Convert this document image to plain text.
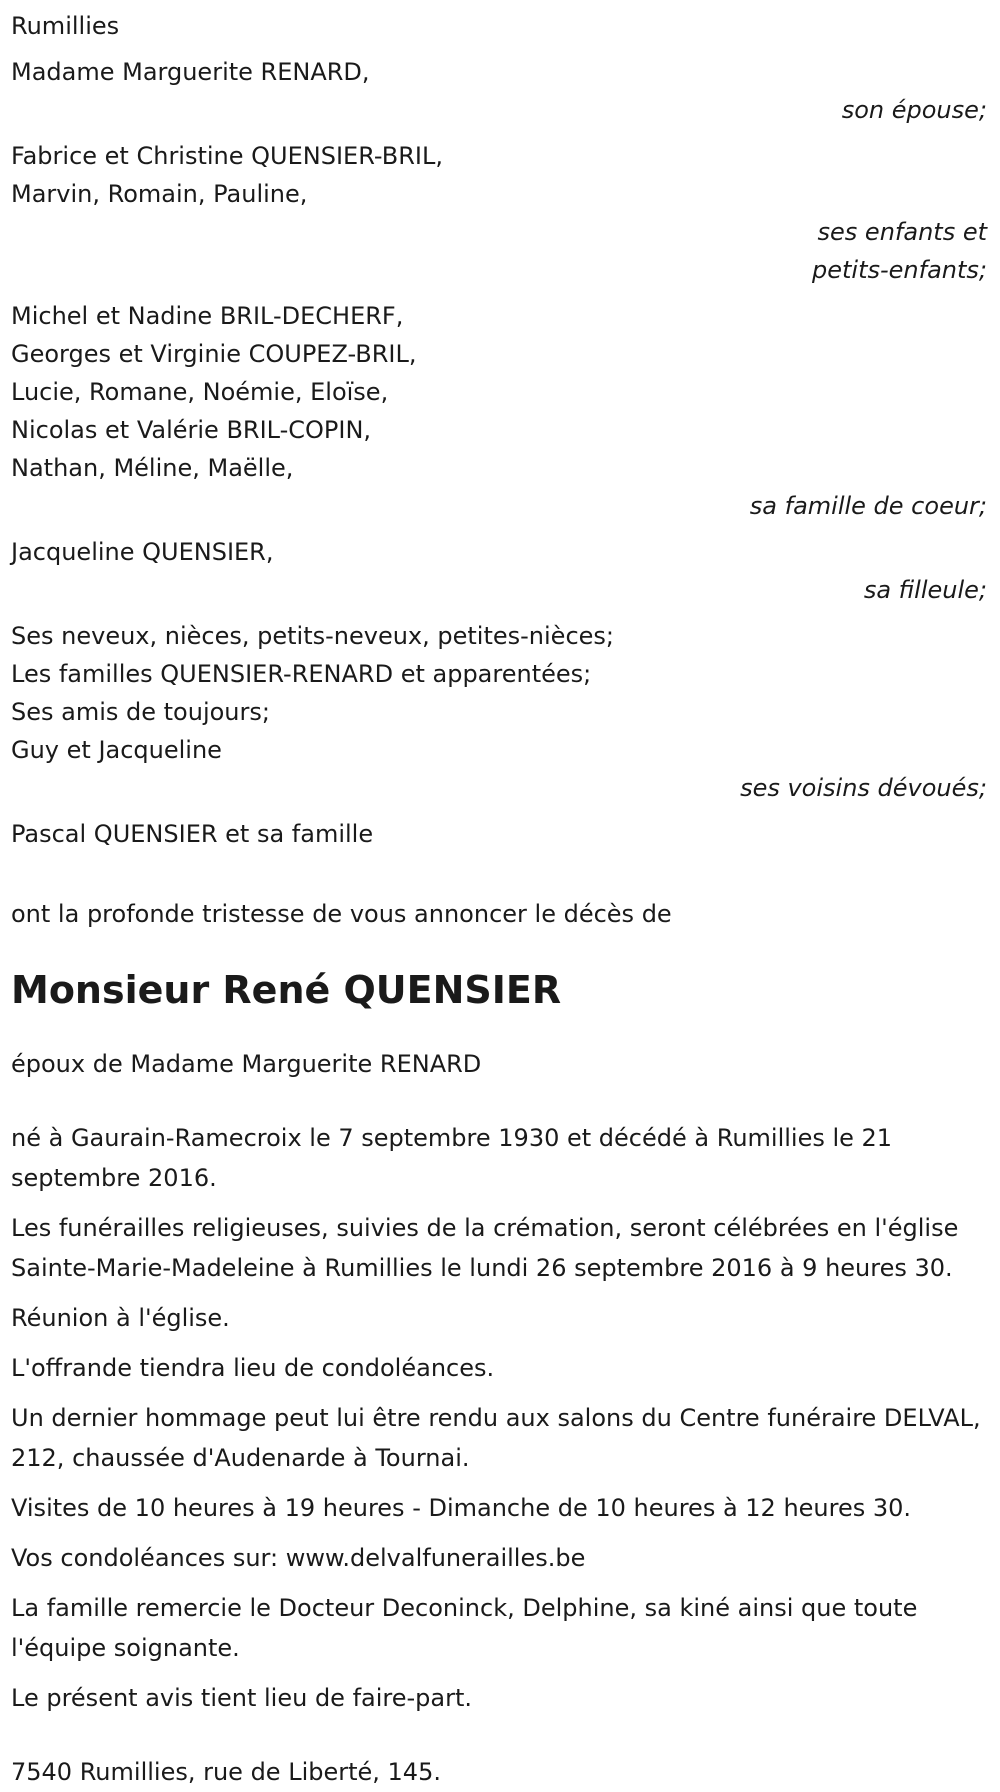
Rumillies
Madame Marguerite RENARD,
son épouse;
Fabrice et Christine QUENSIER-BRIL,
Marvin, Romain, Pauline,
ses enfants et
petits-enfants;
Michel et Nadine BRIL-DECHERF,
Georges et Virginie COUPEZ-BRIL,
Lucie, Romane, Noémie, Eloïse,
Nicolas et Valérie BRIL-COPIN,
Nathan, Méline, Maëlle,
sa famille de coeur;
Jacqueline QUENSIER,
sa filleule;
Ses neveux, nièces, petits-neveux, petites-nièces;
Les familles QUENSIER-RENARD et apparentées;
Ses amis de toujours;
Guy et Jacqueline
ses voisins dévoués;
Pascal QUENSIER et sa famille
ont la profonde tristesse de vous annoncer le décès de
Monsieur René QUENSIER
époux de Madame Marguerite RENARD
né à Gaurain-Ramecroix le 7 septembre 1930 et décédé à Rumillies le 21 septembre 2016.
Les funérailles religieuses, suivies de la crémation, seront célébrées en l'église Sainte-Marie-Madeleine à Rumillies le lundi 26 septembre 2016 à 9 heures 30.
Réunion à l'église.
L'offrande tiendra lieu de condoléances.
Un dernier hommage peut lui être rendu aux salons du Centre funéraire DELVAL, 212, chaussée d'Audenarde à Tournai.
Visites de 10 heures à 19 heures - Dimanche de 10 heures à 12 heures 30.
Vos condoléances sur: www.delvalfunerailles.be
La famille remercie le Docteur Deconinck, Delphine, sa kiné ainsi que toute l'équipe soignante.
Le présent avis tient lieu de faire-part.
7540 Rumillies, rue de Liberté, 145.
